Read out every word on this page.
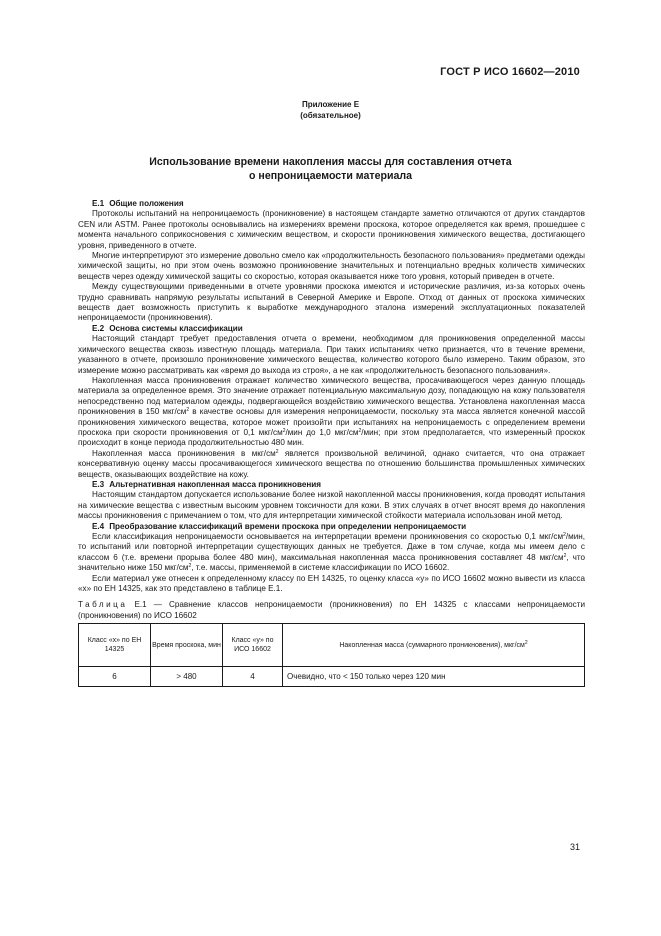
ГОСТ Р ИСО 16602—2010
Приложение E
(обязательное)
Использование времени накопления массы для составления отчета
о непроницаемости материала

E.1 Общие положения

Протоколы испытаний на непроницаемость (проникновение) в настоящем стандарте заметно отличаются от других стандартов CEN или ASTM. Ранее протоколы основывались на измерениях времени проскока, которое определяется как время, прошедшее с момента начального соприкосновения с химическим веществом, и скорости проникновения химического вещества, достигающего уровня, приведенного в отчете.

Многие интерпретируют это измерение довольно смело как «продолжительность безопасного пользования» предметами одежды химической защиты, но при этом очень возможно проникновение значительных и потенциально вредных количеств химических веществ через одежду химической защиты со скоростью, которая оказывается ниже того уровня, который приведен в отчете.

Между существующими приведенными в отчете уровнями проскока имеются и исторические различия, из-за которых очень трудно сравнивать напрямую результаты испытаний в Северной Америке и Европе. Отход от данных от проскока химических веществ дает возможность приступить к выработке международного эталона измерений эксплуатационных показателей непроницаемости (проникновения).

E.2 Основа системы классификации

Настоящий стандарт требует предоставления отчета о времени, необходимом для проникновения определенной массы химического вещества сквозь известную площадь материала. При таких испытаниях четко признается, что в течение времени, указанного в отчете, произошло проникновение химического вещества, количество которого было измерено. Таким образом, это измерение можно рассматривать как «время до выхода из строя», а не как «продолжительность безопасного пользования».

Накопленная масса проникновения отражает количество химического вещества, просачивающегося через данную площадь материала за определенное время. Это значение отражает потенциальную максимальную дозу, попадающую на кожу пользователя непосредственно под материалом одежды, подвергающейся воздействию химического вещества. Установлена накопленная масса проникновения в 150 мкг/$см^2$ в качестве основы для измерения непроницаемости, поскольку эта масса является конечной массой проникновения химического вещества, которое может произойти при испытаниях на непроницаемость с определением времени проскока при скорости проникновения от 0,1 мкг/$см^2$/мин до 1,0 мкг/$см^2$/мин; при этом предполагается, что измеренный проскок происходит в конце периода продолжительностью 480 мин.

Накопленная масса проникновения в мкг/$см^2$ является произвольной величиной, однако считается, что она отражает консервативную оценку массы просачивающегося химического вещества по отношению большинства промышленных химических веществ, оказывающих воздействие на кожу.

E.3 Альтернативная накопленная масса проникновения

Настоящим стандартом допускается использование более низкой накопленной массы проникновения, когда проводят испытания на химические вещества с известным высоким уровнем токсичности для кожи. В этих случаях в отчет вносят время до накопления массы проникновения с примечанием о том, что для интерпретации химической стойкости материала использован иной метод.

E.4 Преобразование классификаций времени проскока при определении непроницаемости

Если классификация непроницаемости основывается на интерпретации времени проникновения со скоростью 0,1 мкг/$см^2$/мин, то испытаний или повторной интерпретации существующих данных не требуется. Даже в том случае, когда мы имеем дело с классом 6 (т.е. времени прорыва более 480 мин), максимальная накопленная масса проникновения составляет 48 мкг/$см^2$, что значительно ниже 150 мкг/$см^2$, т.е. массы, применяемой в системе классификации по ИСО 16602.

Если материал уже отнесен к определенному классу по ЕН 14325, то оценку класса «у» по ИСО 16602 можно вывести из класса «х» по ЕН 14325, как это представлено в таблице E.1.

Таблица E.1 — Сравнение классов непроницаемости (проникновения) по ЕН 14325 с классами непроницаемости (проникновения) по ИСО 16602

Класс «х» по ЕН 14325	Время проскока, мин	Класс «у» по ИСО 16602	Накопленная масса (суммарного проникновения), мкг/$см^2$
6	> 480	4	Очевидно, что < 150 только через 120 мин
31
